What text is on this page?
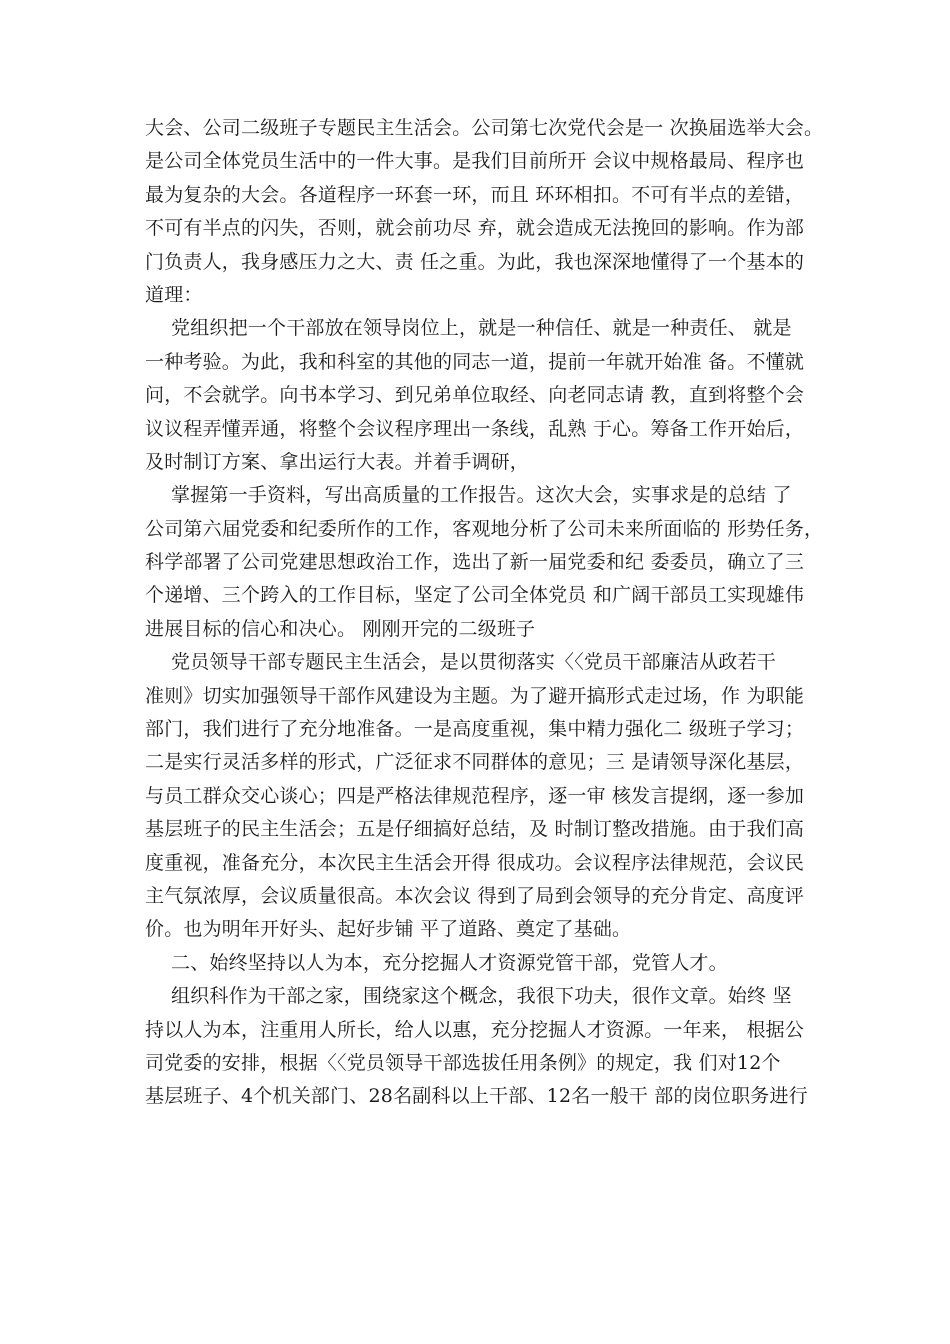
大会、公司二级班子专题民主生活会。公司第七次党代会是一 次换届选举大会。
是公司全体党员生活中的一件大事。是我们目前所开 会议中规格最局、程序也
最为复杂的大会。各道程序一环套一环，而且 环环相扣。不可有半点的差错，
不可有半点的闪失，否则，就会前功尽 弃，就会造成无法挽回的影响。作为部
门负责人，我身感压力之大、责 任之重。为此，我也深深地懂得了一个基本的
道理：
党组织把一个干部放在领导岗位上，就是一种信任、就是一种责任、 就是
一种考验。为此，我和科室的其他的同志一道，提前一年就开始准 备。不懂就
问，不会就学。向书本学习、到兄弟单位取经、向老同志请 教，直到将整个会
议议程弄懂弄通，将整个会议程序理出一条线，乱熟 于心。筹备工作开始后，
及时制订方案、拿出运行大表。并着手调研，
掌握第一手资料，写出高质量的工作报告。这次大会，实事求是的总结 了
公司第六届党委和纪委所作的工作，客观地分析了公司未来所面临的 形势任务，
科学部署了公司党建思想政治工作，选出了新一届党委和纪 委委员，确立了三
个递增、三个跨入的工作目标，坚定了公司全体党员 和广阔干部员工实现雄伟
进展目标的信心和决心。 刚刚开完的二级班子
党员领导干部专题民主生活会，是以贯彻落实〈〈党员干部廉洁从政若干
准则》切实加强领导干部作风建设为主题。为了避开搞形式走过场，作 为职能
部门，我们进行了充分地准备。一是高度重视，集中精力强化二 级班子学习；
二是实行灵活多样的形式，广泛征求不同群体的意见；三 是请领导深化基层，
与员工群众交心谈心；四是严格法律规范程序，逐一审 核发言提纲，逐一参加
基层班子的民主生活会；五是仔细搞好总结，及 时制订整改措施。由于我们高
度重视，准备充分，本次民主生活会开得 很成功。会议程序法律规范，会议民
主气氛浓厚，会议质量很高。本次会议 得到了局到会领导的充分肯定、高度评
价。也为明年开好头、起好步铺 平了道路、奠定了基础。
二、始终坚持以人为本，充分挖掘人才资源党管干部，党管人才。
组织科作为干部之家，围绕家这个概念，我很下功夫，很作文章。始终 坚
持以人为本，注重用人所长，给人以惠，充分挖掘人才资源。一年来， 根据公
司党委的安排，根据〈〈党员领导干部选拔任用条例》的规定，我 们对12个
基层班子、4个机关部门、28名副科以上干部、12名一般干 部的岗位职务进行
